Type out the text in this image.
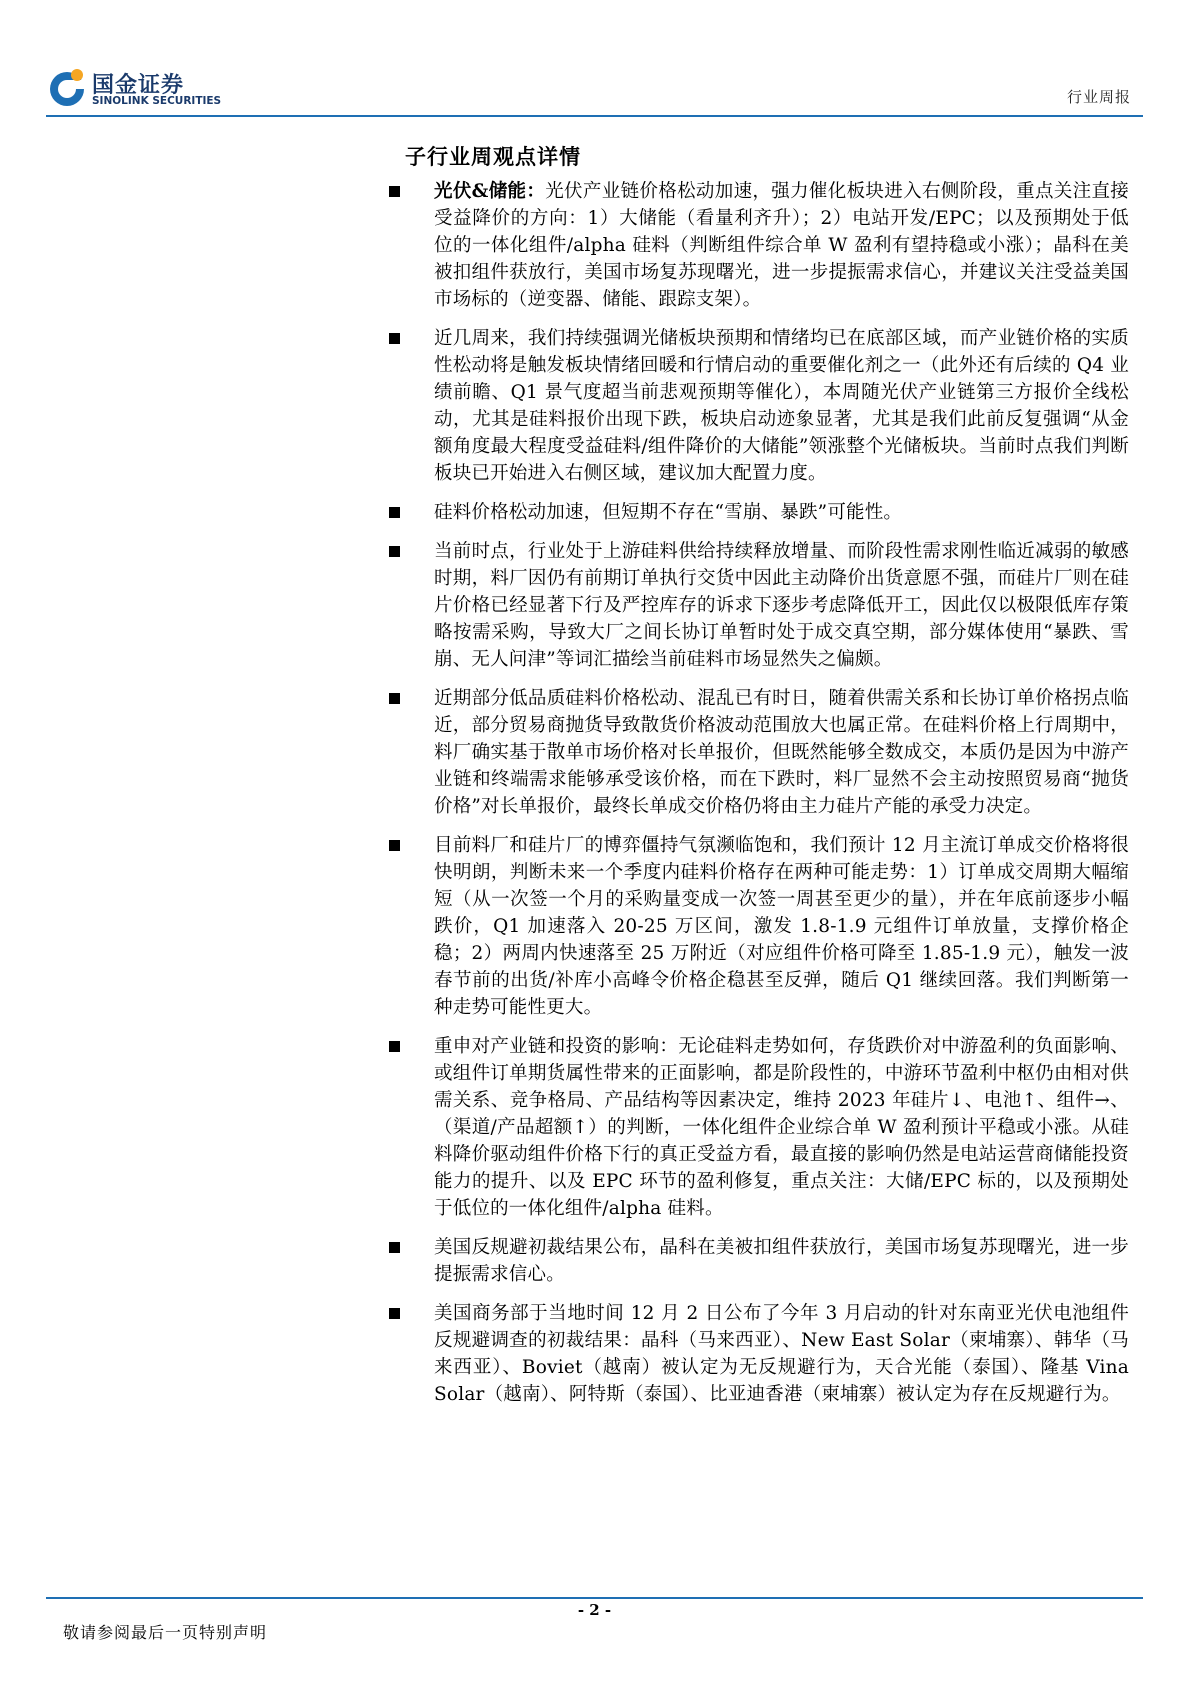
国金证券
SINOLINK SECURITIES	行业周报
子行业周观点详情
光伏&储能：光伏产业链价格松动加速，强力催化板块进入右侧阶段，重点关注直接受益降价的方向：1）大储能（看量利齐升）；2）电站开发/EPC；以及预期处于低位的一体化组件/alpha 硅料（判断组件综合单 W 盈利有望持稳或小涨）；晶科在美被扣组件获放行，美国市场复苏现曙光，进一步提振需求信心，并建议关注受益美国市场标的（逆变器、储能、跟踪支架）。
近几周来，我们持续强调光储板块预期和情绪均已在底部区域，而产业链价格的实质性松动将是触发板块情绪回暖和行情启动的重要催化剂之一（此外还有后续的 Q4 业绩前瞻、Q1 景气度超当前悲观预期等催化），本周随光伏产业链第三方报价全线松动，尤其是硅料报价出现下跌，板块启动迹象显著，尤其是我们此前反复强调“从金额角度最大程度受益硅料/组件降价的大储能”领涨整个光储板块。当前时点我们判断板块已开始进入右侧区域，建议加大配置力度。
硅料价格松动加速，但短期不存在“雪崩、暴跌”可能性。
当前时点，行业处于上游硅料供给持续释放增量、而阶段性需求刚性临近减弱的敏感时期，料厂因仍有前期订单执行交货中因此主动降价出货意愿不强，而硅片厂则在硅片价格已经显著下行及严控库存的诉求下逐步考虑降低开工，因此仅以极限低库存策略按需采购，导致大厂之间长协订单暂时处于成交真空期，部分媒体使用“暴跌、雪崩、无人问津”等词汇描绘当前硅料市场显然失之偏颇。
近期部分低品质硅料价格松动、混乱已有时日，随着供需关系和长协订单价格拐点临近，部分贸易商抛货导致散货价格波动范围放大也属正常。在硅料价格上行周期中，料厂确实基于散单市场价格对长单报价，但既然能够全数成交，本质仍是因为中游产业链和终端需求能够承受该价格，而在下跌时，料厂显然不会主动按照贸易商“抛货价格”对长单报价，最终长单成交价格仍将由主力硅片产能的承受力决定。
目前料厂和硅片厂的博弈僵持气氛濒临饱和，我们预计 12 月主流订单成交价格将很快明朗，判断未来一个季度内硅料价格存在两种可能走势：1）订单成交周期大幅缩短（从一次签一个月的采购量变成一次签一周甚至更少的量），并在年底前逐步小幅跌价，Q1 加速落入 20-25 万区间，激发 1.8-1.9 元组件订单放量，支撑价格企稳；2）两周内快速落至 25 万附近（对应组件价格可降至 1.85-1.9 元），触发一波春节前的出货/补库小高峰令价格企稳甚至反弹，随后 Q1 继续回落。我们判断第一种走势可能性更大。
重申对产业链和投资的影响：无论硅料走势如何，存货跌价对中游盈利的负面影响、或组件订单期货属性带来的正面影响，都是阶段性的，中游环节盈利中枢仍由相对供需关系、竞争格局、产品结构等因素决定，维持 2023 年硅片↓、电池↑、组件→、（渠道/产品超额↑）的判断，一体化组件企业综合单 W 盈利预计平稳或小涨。从硅料降价驱动组件价格下行的真正受益方看，最直接的影响仍然是电站运营商储能投资能力的提升、以及 EPC 环节的盈利修复，重点关注：大储/EPC 标的，以及预期处于低位的一体化组件/alpha 硅料。
美国反规避初裁结果公布，晶科在美被扣组件获放行，美国市场复苏现曙光，进一步提振需求信心。
美国商务部于当地时间 12 月 2 日公布了今年 3 月启动的针对东南亚光伏电池组件反规避调查的初裁结果：晶科（马来西亚）、New East Solar（柬埔寨）、韩华（马来西亚）、Boviet（越南）被认定为无反规避行为，天合光能（泰国）、隆基 Vina Solar（越南）、阿特斯（泰国）、比亚迪香港（柬埔寨）被认定为存在反规避行为。
- 2 -
敬请参阅最后一页特别声明
